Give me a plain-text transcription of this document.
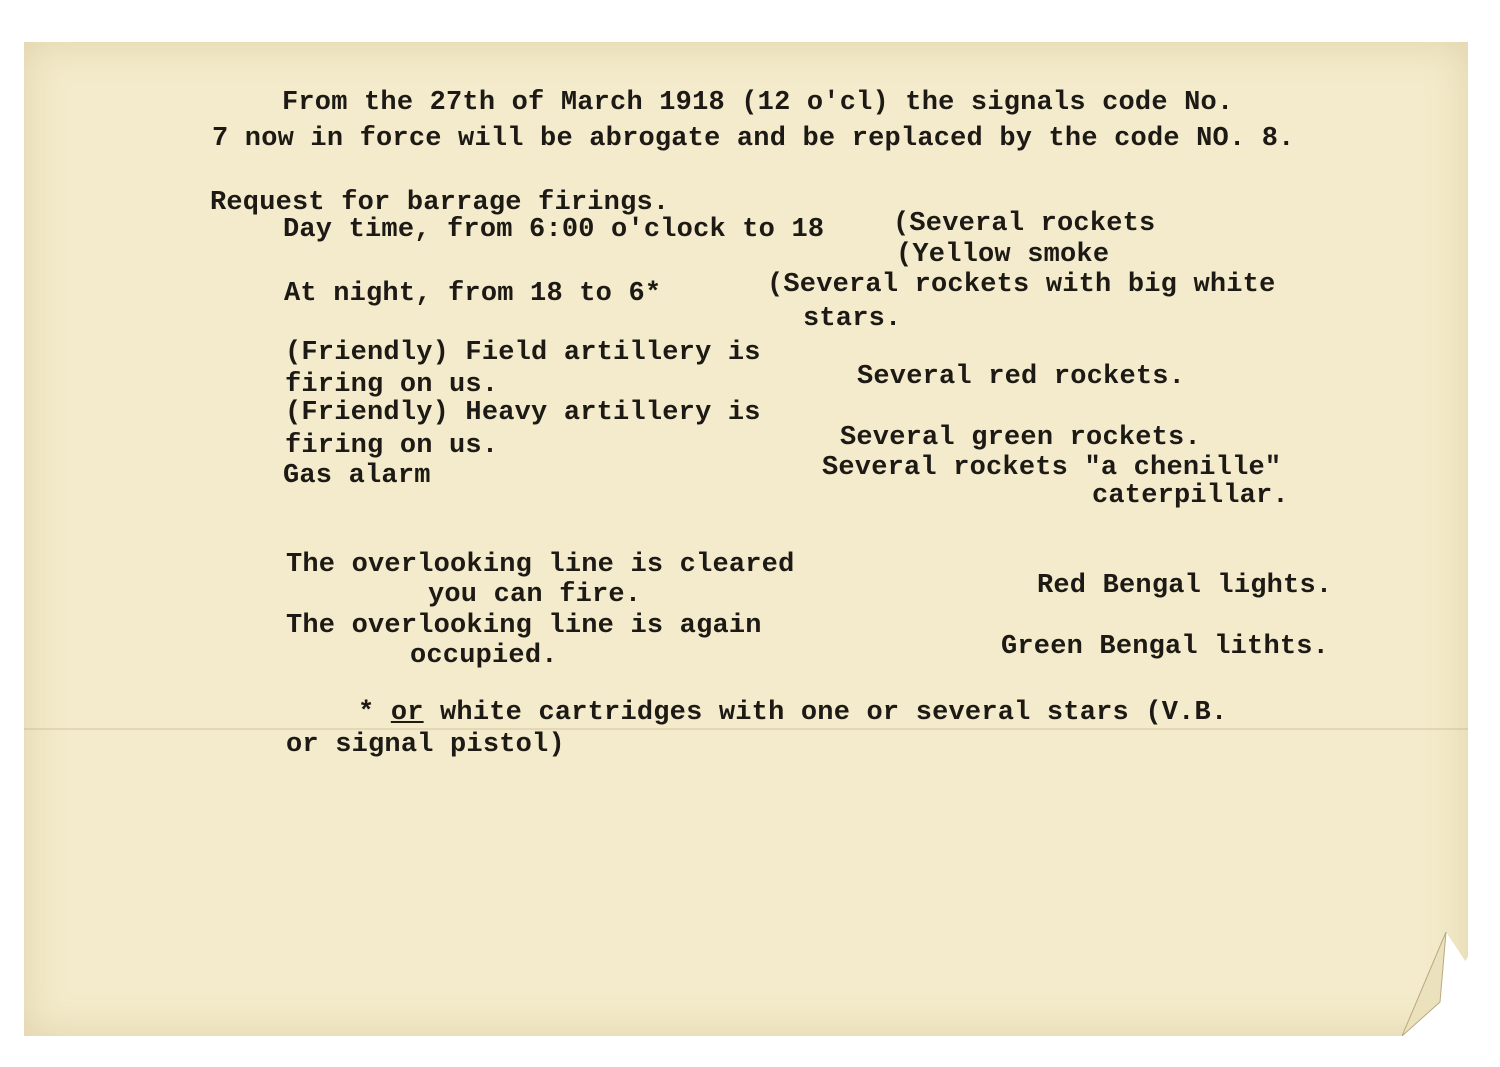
From the 27th of March 1918 (12 o'cl) the signals code No.

7 now in force will be abrogate and be replaced by the code NO. 8.

Request for barrage firings.

Day time, from 6:00 o'clock to 18	(Several rockets

(Yellow smoke

At night, from 18 to 6*	(Several rockets with big white

stars.

(Friendly) Field artillery is

firing on us.	Several red rockets.

(Friendly) Heavy artillery is

firing on us.	Several green rockets.

Gas alarm	Several rockets "a chenille"

caterpillar.

The overlooking line is cleared

you can fire.	Red Bengal lights.

The overlooking line is again

occupied.	Green Bengal lithts.

* or white cartridges with one or several stars (V.B.

or signal pistol)
